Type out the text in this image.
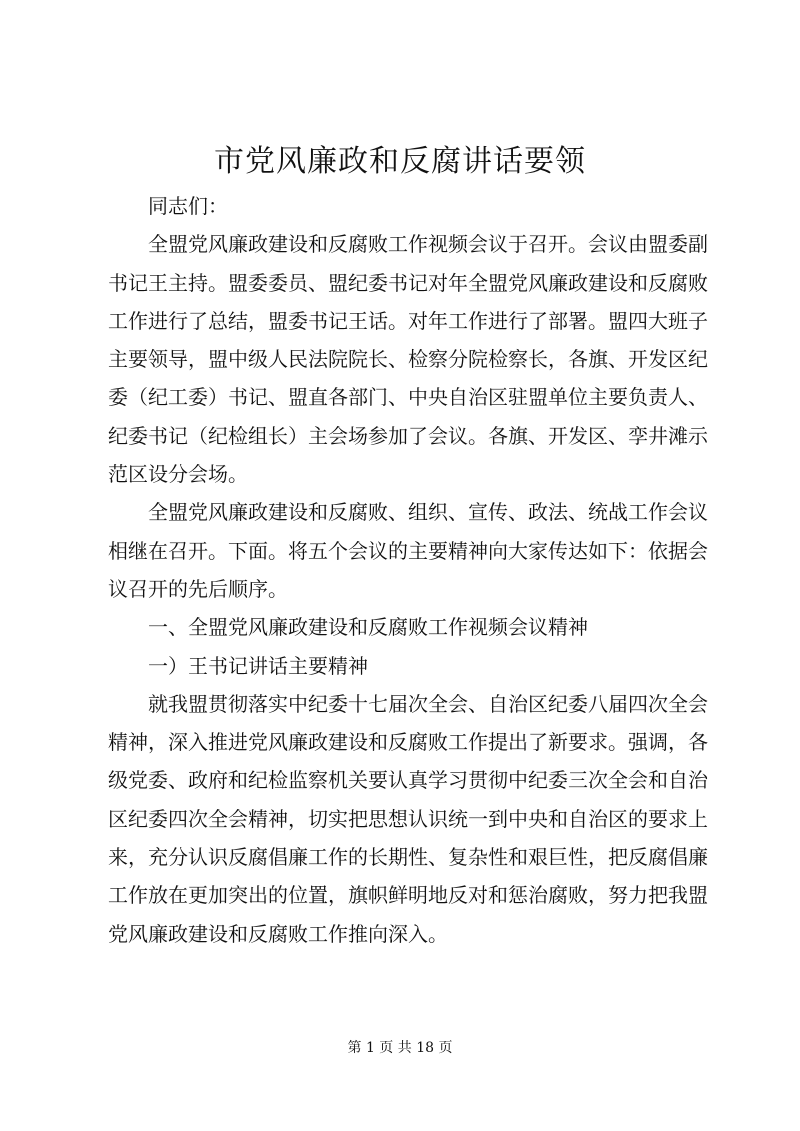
市党风廉政和反腐讲话要领

同志们：

全盟党风廉政建设和反腐败工作视频会议于召开。会议由盟委副书记王主持。盟委委员、盟纪委书记对年全盟党风廉政建设和反腐败工作进行了总结，盟委书记王话。对年工作进行了部署。盟四大班子主要领导，盟中级人民法院院长、检察分院检察长，各旗、开发区纪委（纪工委）书记、盟直各部门、中央自治区驻盟单位主要负责人、纪委书记（纪检组长）主会场参加了会议。各旗、开发区、孪井滩示范区设分会场。

全盟党风廉政建设和反腐败、组织、宣传、政法、统战工作会议相继在召开。下面。将五个会议的主要精神向大家传达如下：依据会议召开的先后顺序。

一、全盟党风廉政建设和反腐败工作视频会议精神

一）王书记讲话主要精神

就我盟贯彻落实中纪委十七届次全会、自治区纪委八届四次全会精神，深入推进党风廉政建设和反腐败工作提出了新要求。强调，各级党委、政府和纪检监察机关要认真学习贯彻中纪委三次全会和自治区纪委四次全会精神，切实把思想认识统一到中央和自治区的要求上来，充分认识反腐倡廉工作的长期性、复杂性和艰巨性，把反腐倡廉工作放在更加突出的位置，旗帜鲜明地反对和惩治腐败，努力把我盟党风廉政建设和反腐败工作推向深入。

第 1 页 共 18 页
